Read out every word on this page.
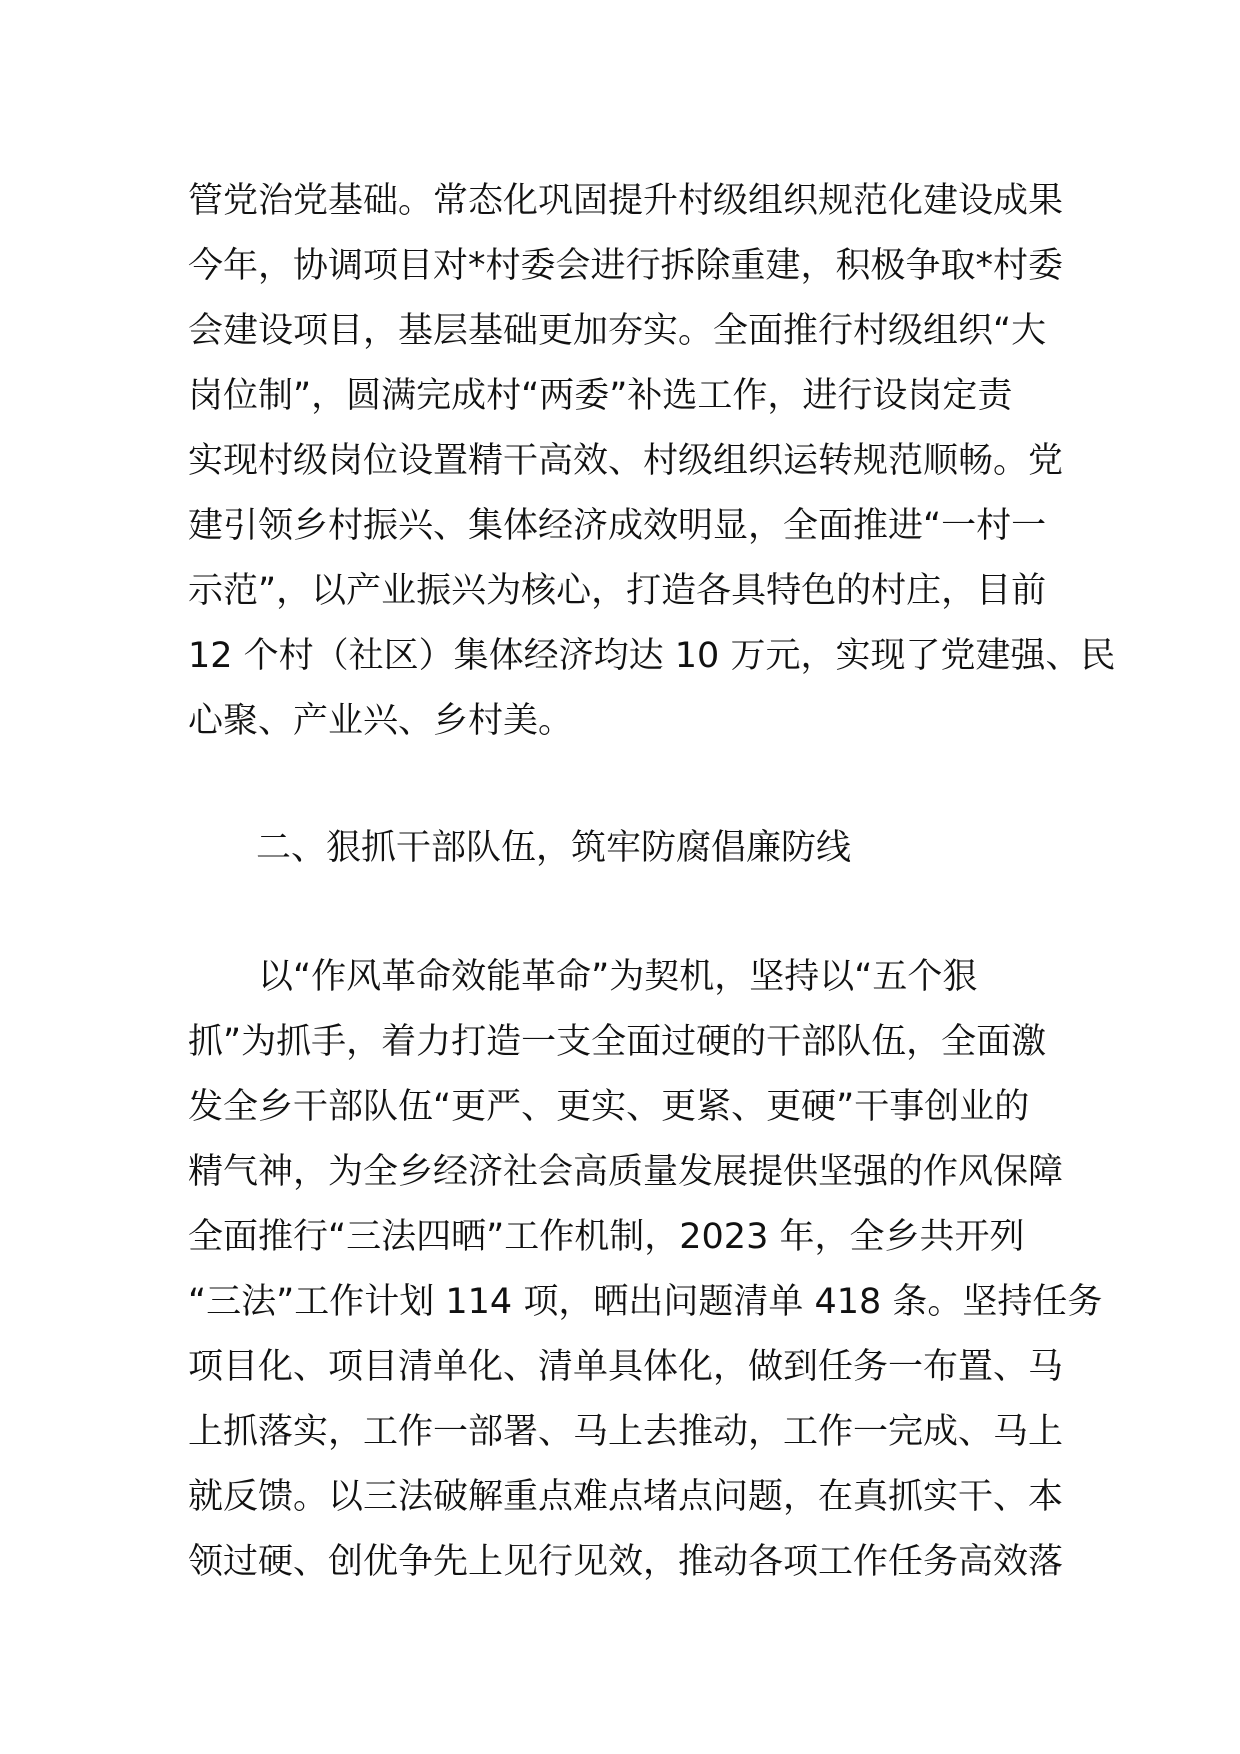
管党治党基础。常态化巩固提升村级组织规范化建设成果
今年，协调项目对*村委会进行拆除重建，积极争取*村委
会建设项目，基层基础更加夯实。全面推行村级组织“大
岗位制”，圆满完成村“两委”补选工作，进行设岗定责
实现村级岗位设置精干高效、村级组织运转规范顺畅。党
建引领乡村振兴、集体经济成效明显，全面推进“一村一
示范”，以产业振兴为核心，打造各具特色的村庄，目前
12 个村（社区）集体经济均达 10 万元，实现了党建强、民
心聚、产业兴、乡村美。
二、狠抓干部队伍，筑牢防腐倡廉防线
　以“作风革命效能革命”为契机，坚持以“五个狠
抓”为抓手，着力打造一支全面过硬的干部队伍，全面激
发全乡干部队伍“更严、更实、更紧、更硬”干事创业的
精气神，为全乡经济社会高质量发展提供坚强的作风保障
全面推行“三法四晒”工作机制，2023 年，全乡共开列
“三法”工作计划 114 项，晒出问题清单 418 条。坚持任务
项目化、项目清单化、清单具体化，做到任务一布置、马
上抓落实，工作一部署、马上去推动，工作一完成、马上
就反馈。以三法破解重点难点堵点问题，在真抓实干、本
领过硬、创优争先上见行见效，推动各项工作任务高效落
